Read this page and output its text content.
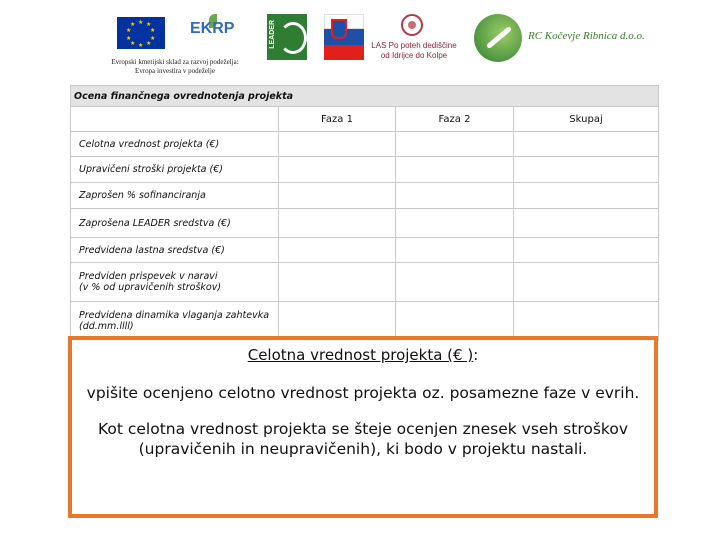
★ ★
★
★
★
★
★
★
★
★	EKRP	LEADER	LAS Po poteh dediščine
od Idrijce do Kolpe
RC Kočevje Ribnica d.o.o.
Evropski kmetijski sklad za razvoj podeželja:
Evropa investira v podeželje
Ocena finančnega ovrednotenja projekta			
	Faza 1	Faza 2	Skupaj
Celotna vrednost projekta (€)			
Upravičeni stroški projekta (€)			
Zaprošen % sofinanciranja			
Zaprošena LEADER sredstva (€)			
Predvidena lastna sredstva (€)			

Predviden prispevek v naravi
(v % od upravičenih stroškov)			

Predvidena dinamika vlaganja zahtevka
(dd.mm.llll)			

Celotna vrednost projekta (€ ):

vpišite ocenjeno celotno vrednost projekta oz. posamezne faze v evrih.

Kot celotna vrednost projekta se šteje ocenjen znesek vseh stroškov (upravičenih in neupravičenih), ki bodo v projektu nastali.
